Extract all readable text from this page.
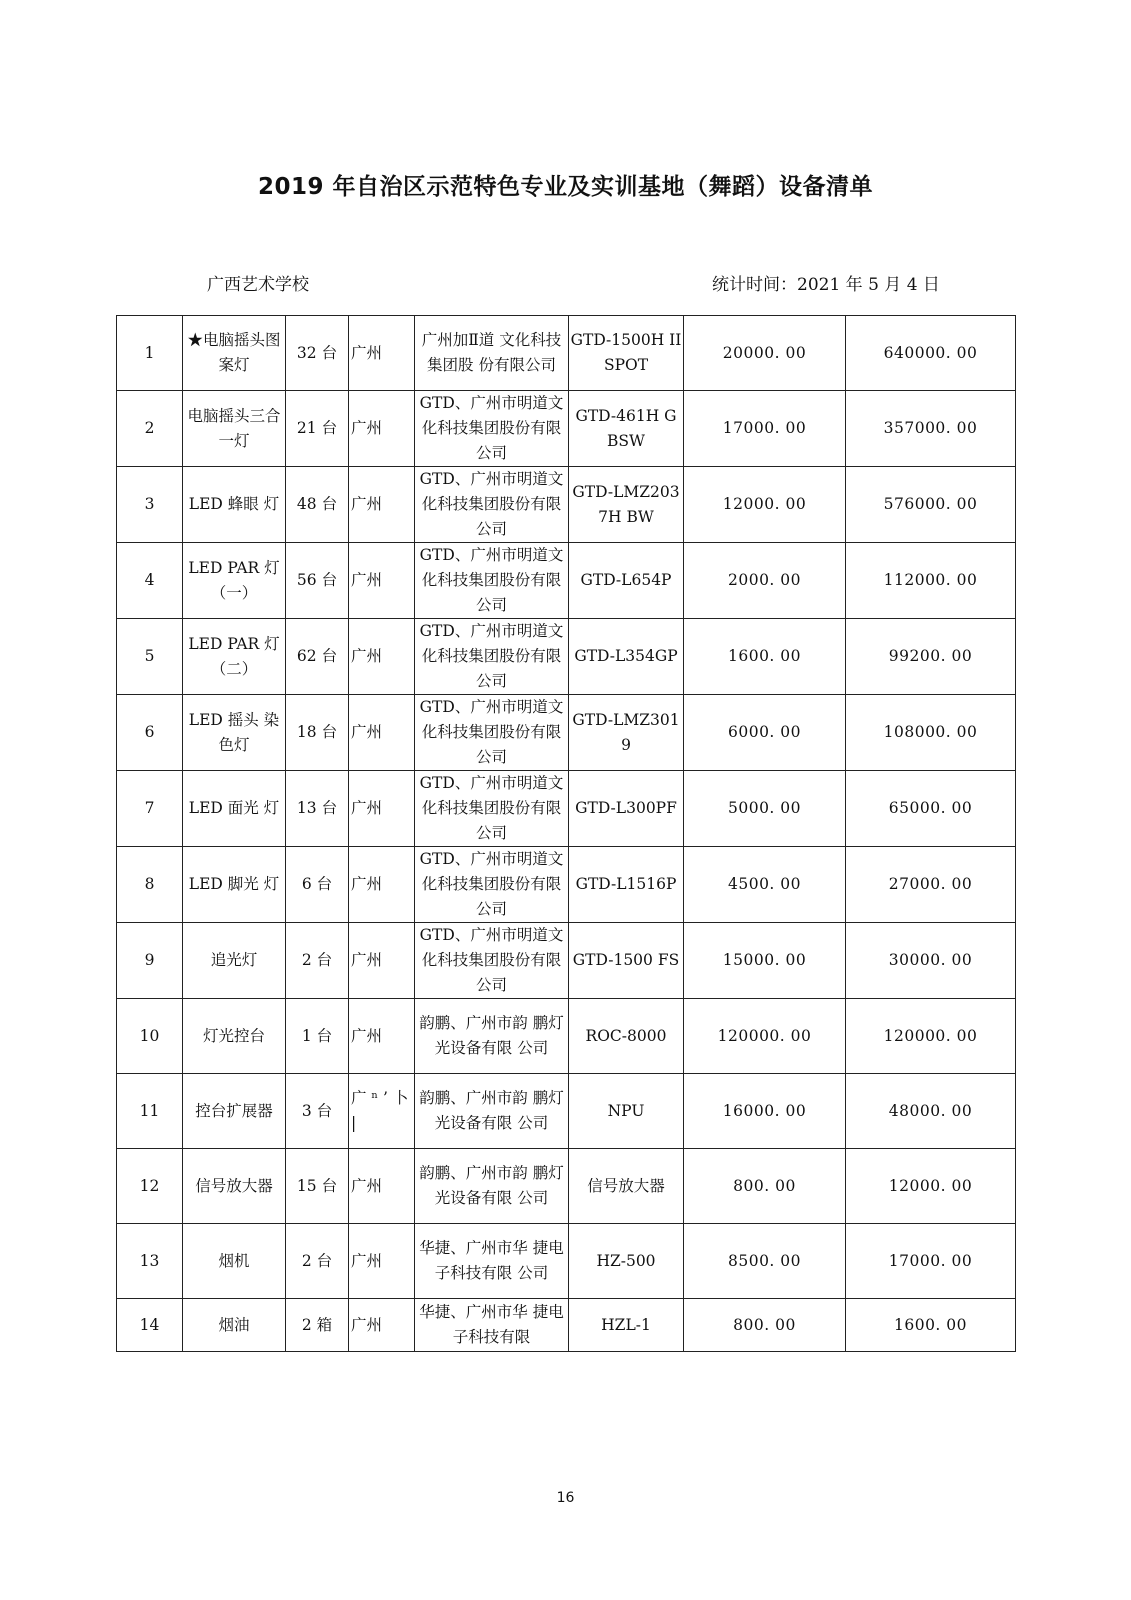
2019 年自治区示范特色专业及实训基地（舞蹈）设备清单
广西艺术学校	统计时间：2021 年 5 月 4 日
1	★电脑摇头图案灯	32 台	广州	广州加Ⅱ道 文化科技集团股 份有限公司	GTD-1500H II SPOT	20000. 00	640000. 00
2	电脑摇头三合一灯	21 台	广州	GTD、广州市明道文化科技集团股份有限公司	GTD-461H G BSW	17000. 00	357000. 00
3	LED 蜂眼 灯	48 台	广州	GTD、广州市明道文化科技集团股份有限公司	GTD-LMZ203 7H BW	12000. 00	576000. 00
4	LED PAR 灯（一）	56 台	广州	GTD、广州市明道文化科技集团股份有限公司	GTD-L654P	2000. 00	112000. 00
5	LED PAR 灯（二）	62 台	广州	GTD、广州市明道文化科技集团股份有限公司	GTD-L354GP	1600. 00	99200. 00
6	LED 摇头 染色灯	18 台	广州	GTD、广州市明道文化科技集团股份有限公司	GTD-LMZ301 9	6000. 00	108000. 00
7	LED 面光 灯	13 台	广州	GTD、广州市明道文化科技集团股份有限公司	GTD-L300PF	5000. 00	65000. 00
8	LED 脚光 灯	6 台	广州	GTD、广州市明道文化科技集团股份有限公司	GTD-L1516P	4500. 00	27000. 00
9	追光灯	2 台	广州	GTD、广州市明道文化科技集团股份有限公司	GTD-1500 FS	15000. 00	30000. 00
10	灯光控台	1 台	广州	韵鹏、广州市韵 鹏灯光设备有限 公司	ROC-8000	120000. 00	120000. 00
11	控台扩展器	3 台	广 ⁿ ’ 卜 |	韵鹏、广州市韵 鹏灯光设备有限 公司	NPU	16000. 00	48000. 00
12	信号放大器	15 台	广州	韵鹏、广州市韵 鹏灯光设备有限 公司	信号放大器	800. 00	12000. 00
13	烟机	2 台	广州	华捷、广州市华 捷电子科技有限 公司	HZ-500	8500. 00	17000. 00
14	烟油	2 箱	广州	华捷、广州市华 捷电子科技有限	HZL-1	800. 00	1600. 00
16
